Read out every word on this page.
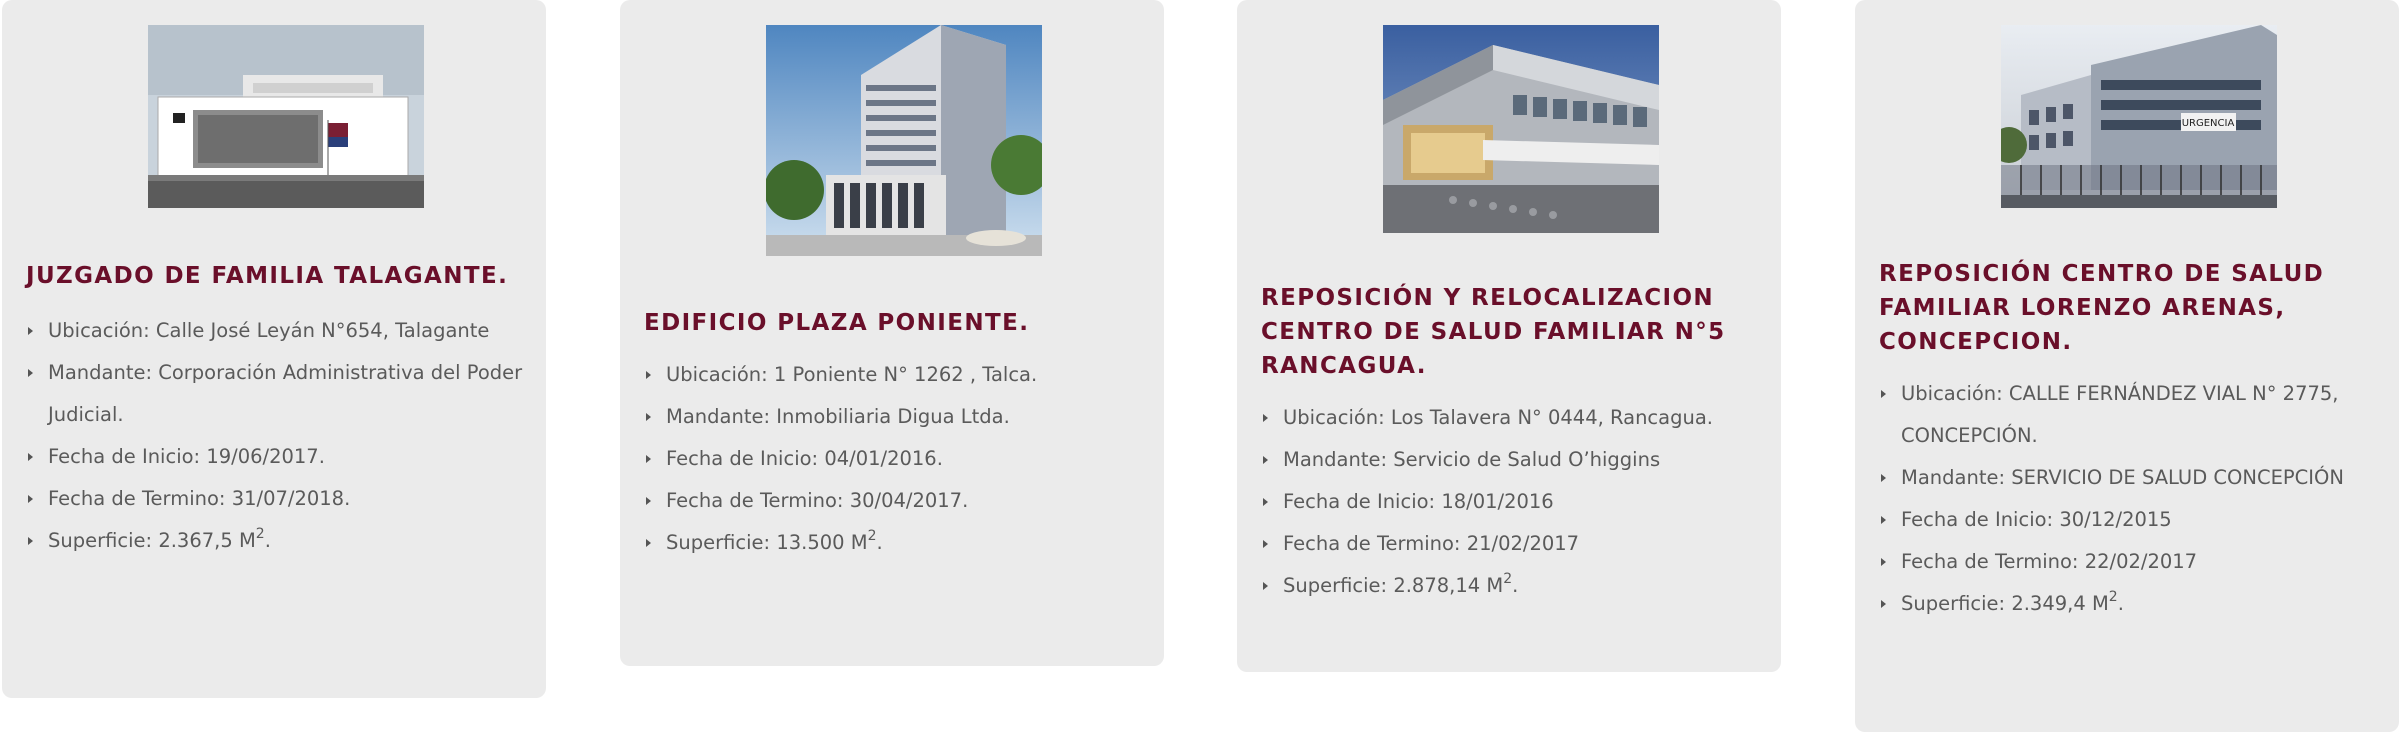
JUZGADO DE FAMILIA TALAGANTE.
Ubicación: Calle José Leyán N°654, Talagante
Mandante: Corporación Administrativa del Poder Judicial.
Fecha de Inicio: 19/06/2017.
Fecha de Termino: 31/07/2018.
Superficie: 2.367,5 $M^2$.
EDIFICIO PLAZA PONIENTE.
Ubicación: 1 Poniente N° 1262 , Talca.
Mandante: Inmobiliaria Digua Ltda.
Fecha de Inicio: 04/01/2016.
Fecha de Termino: 30/04/2017.
Superficie: 13.500 $M^2$.
REPOSICIÓN Y RELOCALIZACION CENTRO DE SALUD FAMILIAR N°5 RANCAGUA.
Ubicación: Los Talavera N° 0444, Rancagua.
Mandante: Servicio de Salud O’higgins
Fecha de Inicio: 18/01/2016
Fecha de Termino: 21/02/2017
Superficie: 2.878,14 $M^2$.
URGENCIA
REPOSICIÓN CENTRO DE SALUD FAMILIAR LORENZO ARENAS, CONCEPCION.
Ubicación: CALLE FERNÁNDEZ VIAL N° 2775, CONCEPCIÓN.
Mandante: SERVICIO DE SALUD CONCEPCIÓN
Fecha de Inicio: 30/12/2015
Fecha de Termino: 22/02/2017
Superficie: 2.349,4 $M^2$.
